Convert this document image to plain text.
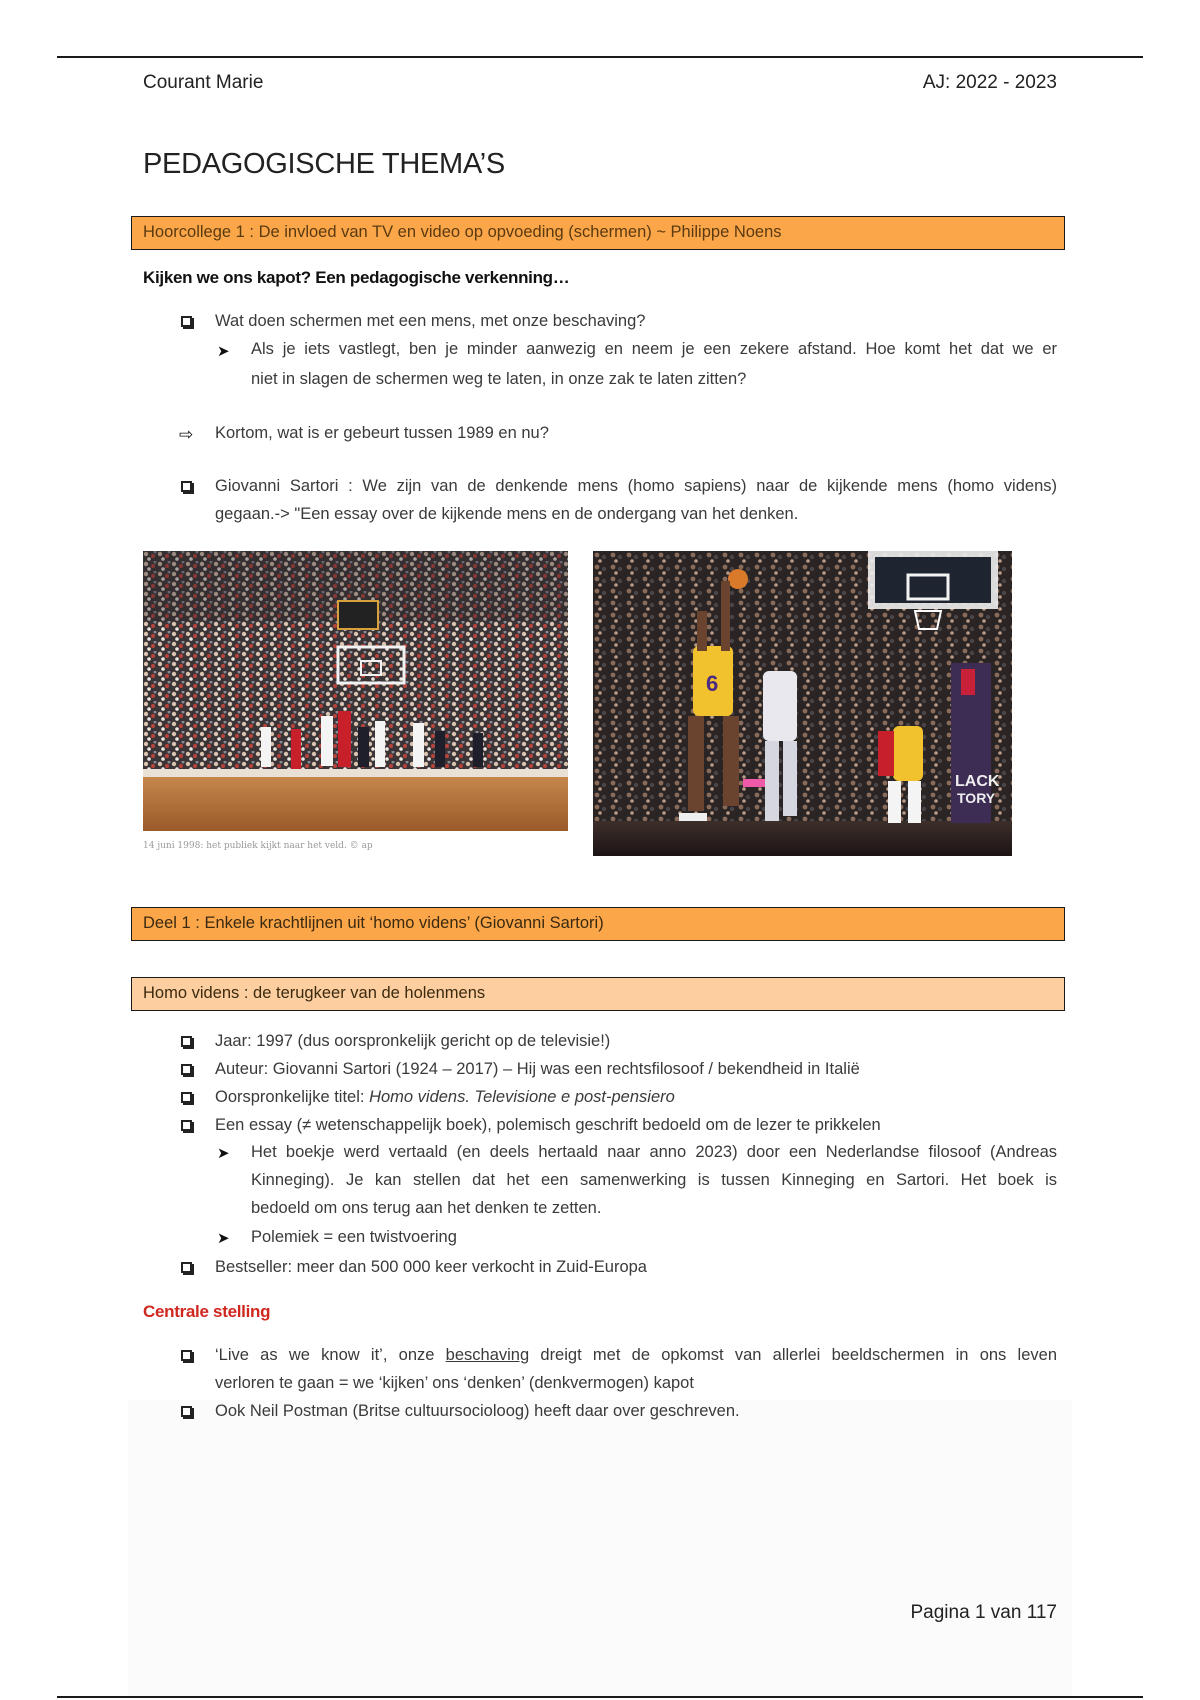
Courant Marie	AJ: 2022 - 2023
PEDAGOGISCHE THEMA’S
Hoorcollege 1 : De invloed van TV en video op opvoeding (schermen) ~ Philippe Noens
Kijken we ons kapot? Een pedagogische verkenning…
Wat doen schermen met een mens, met onze beschaving?
➤ Als je iets vastlegt, ben je minder aanwezig en neem je een zekere afstand. Hoe komt het dat we er
niet in slagen de schermen weg te laten, in onze zak te laten zitten?
⇨ Kortom, wat is er gebeurt tussen 1989 en nu?
Giovanni Sartori : We zijn van de denkende mens (homo sapiens) naar de kijkende mens (homo videns)
gegaan.-> "Een essay over de kijkende mens en de ondergang van het denken.
14 juni 1998: het publiek kijkt naar het veld. © ap
LACK
TORY
6
Deel 1 : Enkele krachtlijnen uit ‘homo videns’ (Giovanni Sartori)
Homo videns : de terugkeer van de holenmens
Jaar: 1997 (dus oorspronkelijk gericht op de televisie!)
Auteur: Giovanni Sartori (1924 – 2017) – Hij was een rechtsfilosoof / bekendheid in Italië
Oorspronkelijke titel: Homo videns. Televisione e post-pensiero
Een essay (≠ wetenschappelijk boek), polemisch geschrift bedoeld om de lezer te prikkelen
➤ Het boekje werd vertaald (en deels hertaald naar anno 2023) door een Nederlandse filosoof (Andreas
Kinneging). Je kan stellen dat het een samenwerking is tussen Kinneging en Sartori. Het boek is
bedoeld om ons terug aan het denken te zetten.
➤ Polemiek = een twistvoering
Bestseller: meer dan 500 000 keer verkocht in Zuid-Europa
Centrale stelling
‘Live as we know it’, onze beschaving dreigt met de opkomst van allerlei beeldschermen in ons leven
verloren te gaan = we ‘kijken’ ons ‘denken’ (denkvermogen) kapot
Ook Neil Postman (Britse cultuursocioloog) heeft daar over geschreven.
Pagina 1 van 117
